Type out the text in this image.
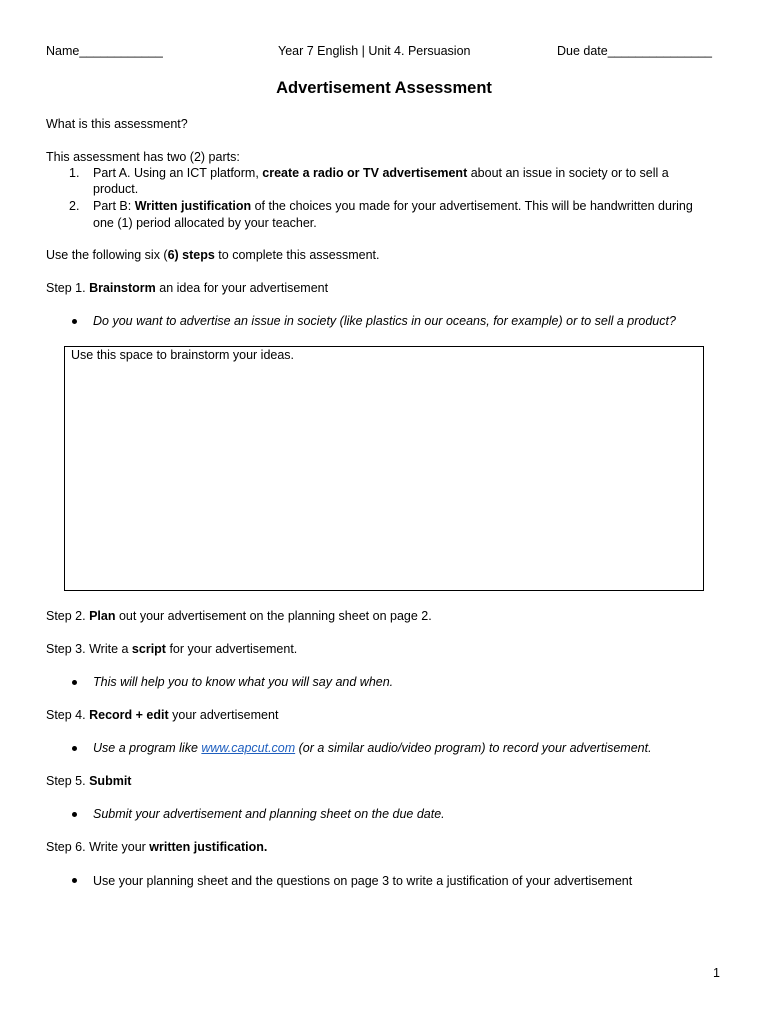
Name____________	Year 7 English | Unit 4. Persuasion	Due date_______________
Advertisement Assessment
What is this assessment?
This assessment has two (2) parts:
1. Part A. Using an ICT platform, create a radio or TV advertisement about an issue in society or to sell a
product.
2. Part B: Written justification of the choices you made for your advertisement. This will be handwritten during
one (1) period allocated by your teacher.
Use the following six (6) steps to complete this assessment.
Step 1. Brainstorm an idea for your advertisement
Do you want to advertise an issue in society (like plastics in our oceans, for example) or to sell a product?
Use this space to brainstorm your ideas.
Step 2. Plan out your advertisement on the planning sheet on page 2.
Step 3. Write a script for your advertisement.
This will help you to know what you will say and when.
Step 4. Record + edit your advertisement
Use a program like www.capcut.com (or a similar audio/video program) to record your advertisement.
Step 5. Submit
Submit your advertisement and planning sheet on the due date.
Step 6. Write your written justification.
Use your planning sheet and the questions on page 3 to write a justification of your advertisement
1
